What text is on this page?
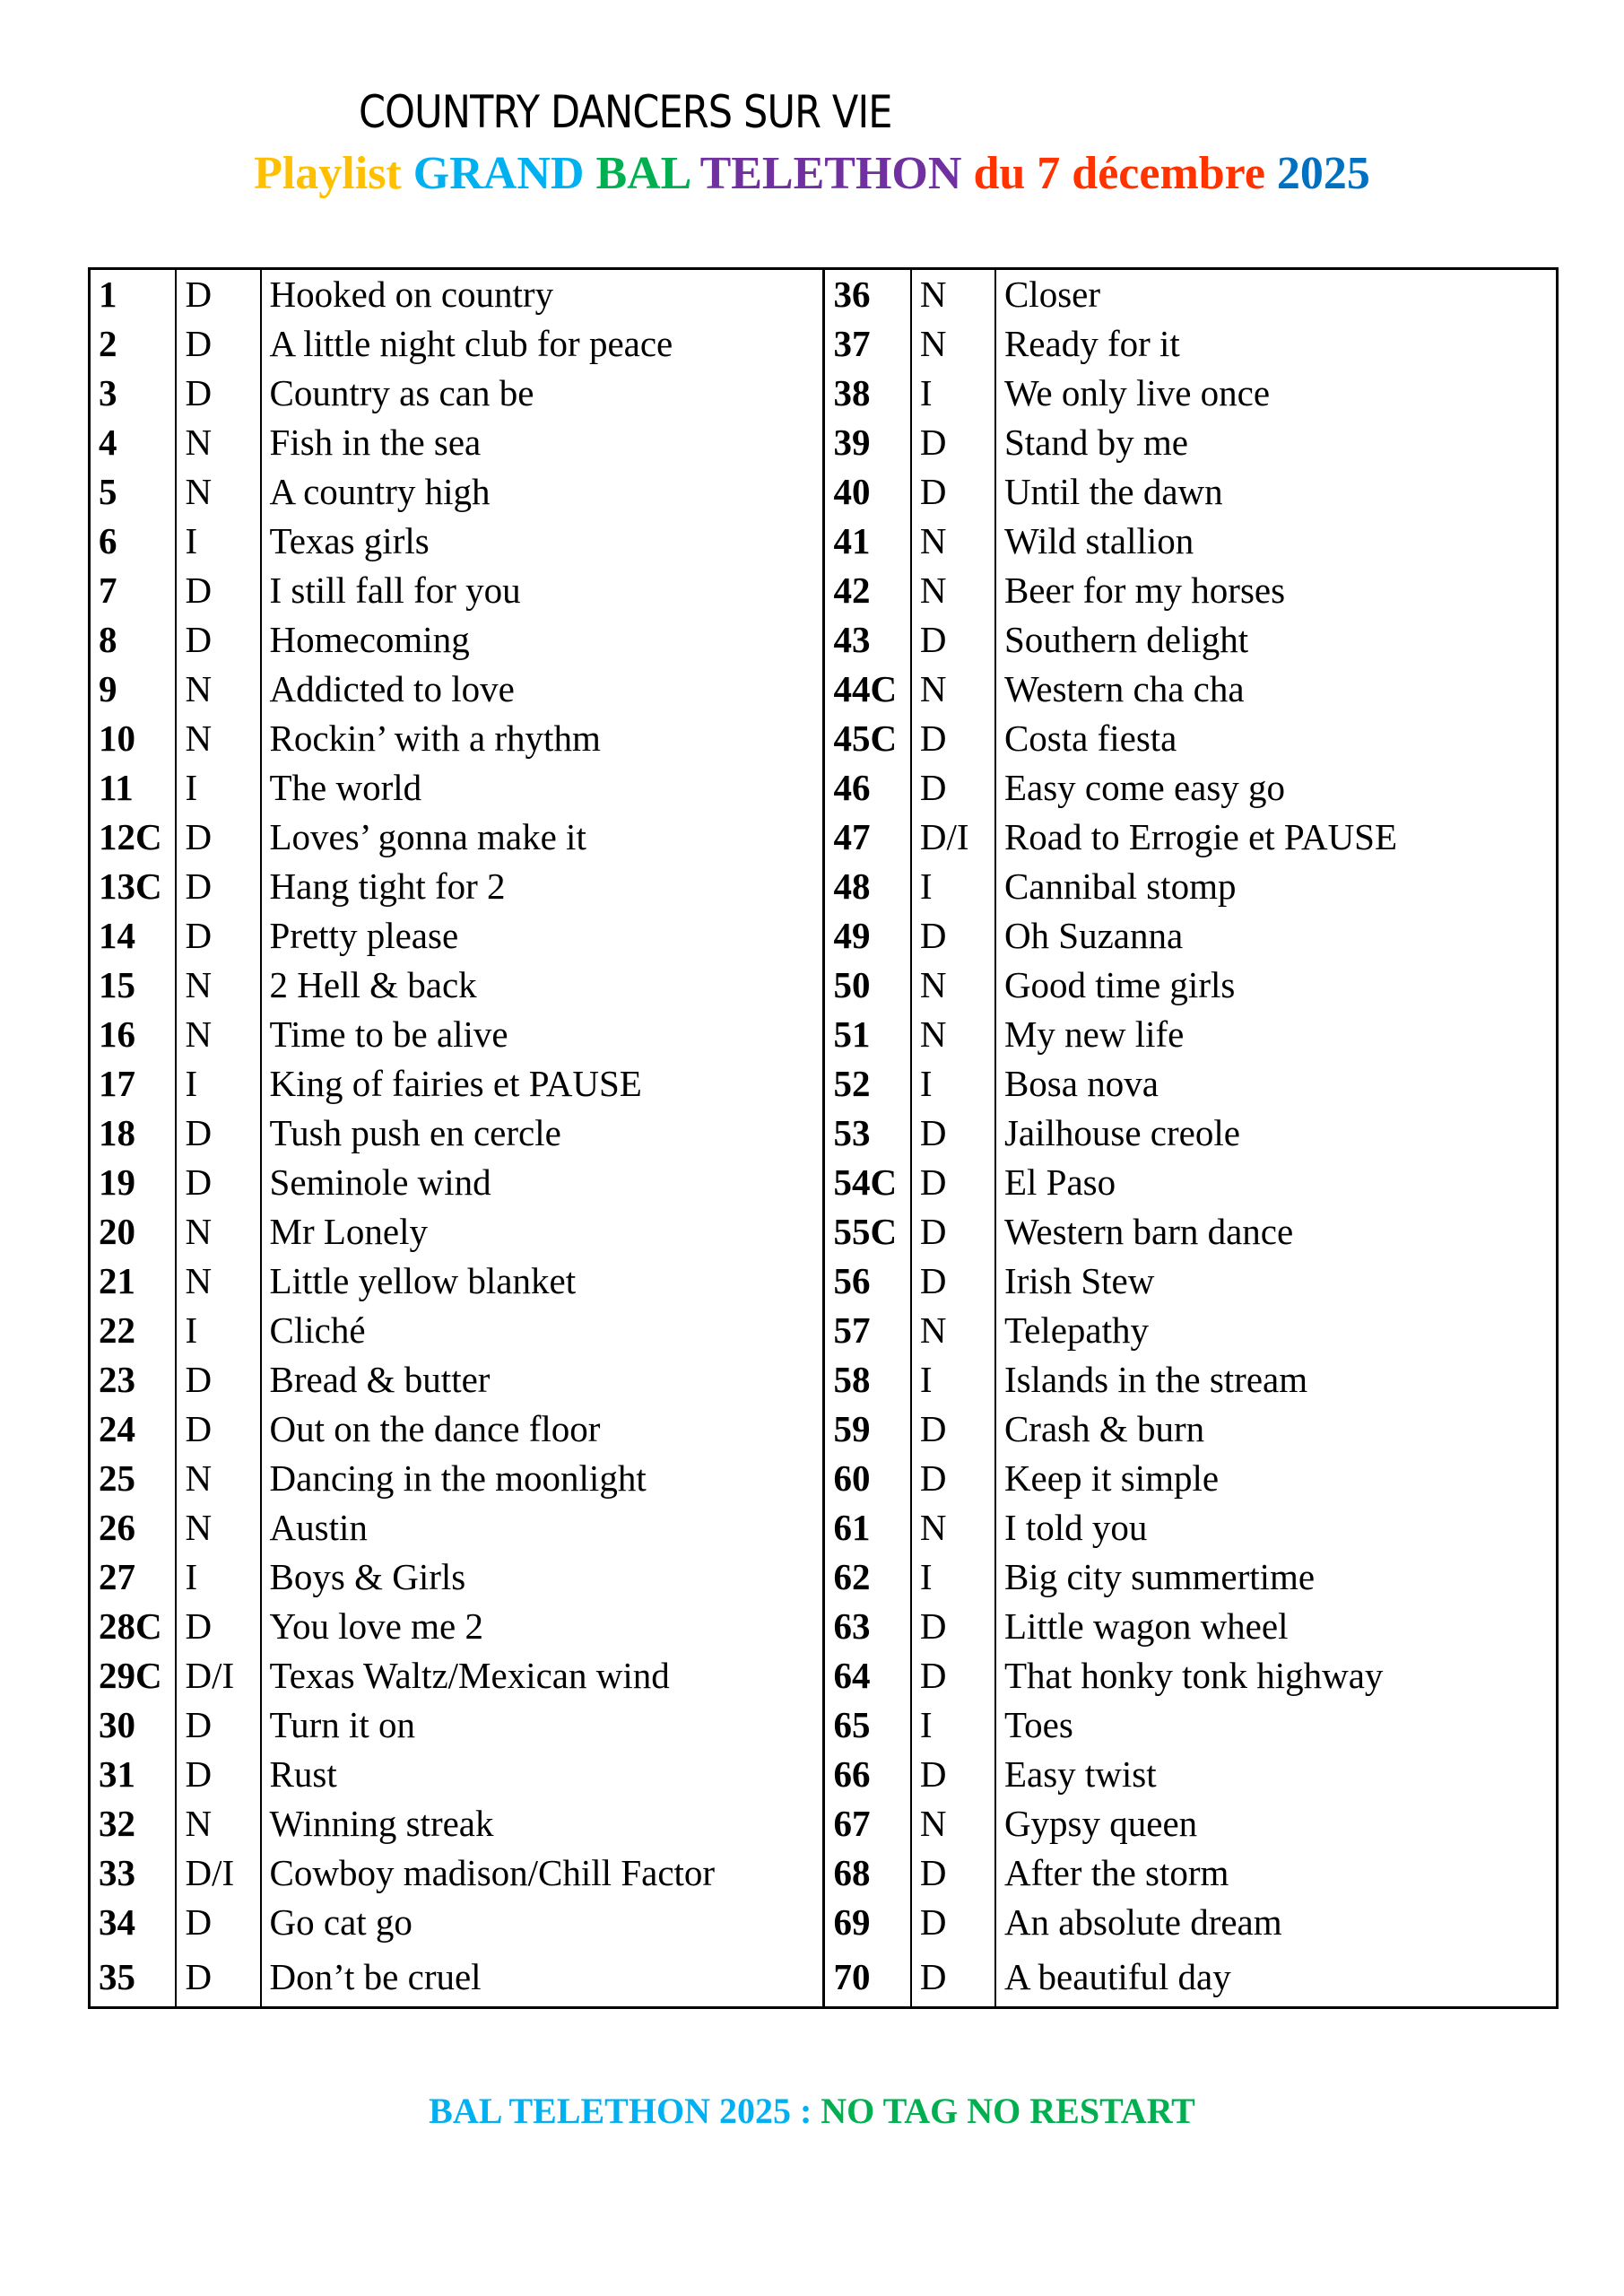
COUNTRY DANCERS SUR VIE
Playlist GRAND BAL TELETHON du 7 décembre 2025
1	D	Hooked on country	36	N	Closer
2	D	A little night club for peace	37	N	Ready for it
3	D	Country as can be	38	I	We only live once
4	N	Fish in the sea	39	D	Stand by me
5	N	A country high	40	D	Until the dawn
6	I	Texas girls	41	N	Wild stallion
7	D	I still fall for you	42	N	Beer for my horses
8	D	Homecoming	43	D	Southern delight
9	N	Addicted to love	44C	N	Western cha cha
10	N	Rockin’ with a rhythm	45C	D	Costa fiesta
11	I	The world	46	D	Easy come easy go
12C	D	Loves’ gonna make it	47	D/I	Road to Errogie et PAUSE
13C	D	Hang tight for 2	48	I	Cannibal stomp
14	D	Pretty please	49	D	Oh Suzanna
15	N	2 Hell & back	50	N	Good time girls
16	N	Time to be alive	51	N	My new life
17	I	King of fairies et PAUSE	52	I	Bosa nova
18	D	Tush push en cercle	53	D	Jailhouse creole
19	D	Seminole wind	54C	D	El Paso
20	N	Mr Lonely	55C	D	Western barn dance
21	N	Little yellow blanket	56	D	Irish Stew
22	I	Cliché	57	N	Telepathy
23	D	Bread & butter	58	I	Islands in the stream
24	D	Out on the dance floor	59	D	Crash & burn
25	N	Dancing in the moonlight	60	D	Keep it simple
26	N	Austin	61	N	I told you
27	I	Boys & Girls	62	I	Big city summertime
28C	D	You love me 2	63	D	Little wagon wheel
29C	D/I	Texas Waltz/Mexican wind	64	D	That honky tonk highway
30	D	Turn it on	65	I	Toes
31	D	Rust	66	D	Easy twist
32	N	Winning streak	67	N	Gypsy queen
33	D/I	Cowboy madison/Chill Factor	68	D	After the storm
34	D	Go cat go	69	D	An absolute dream
35	D	Don’t be cruel	70	D	A beautiful day
BAL TELETHON 2025 : NO TAG NO RESTART
